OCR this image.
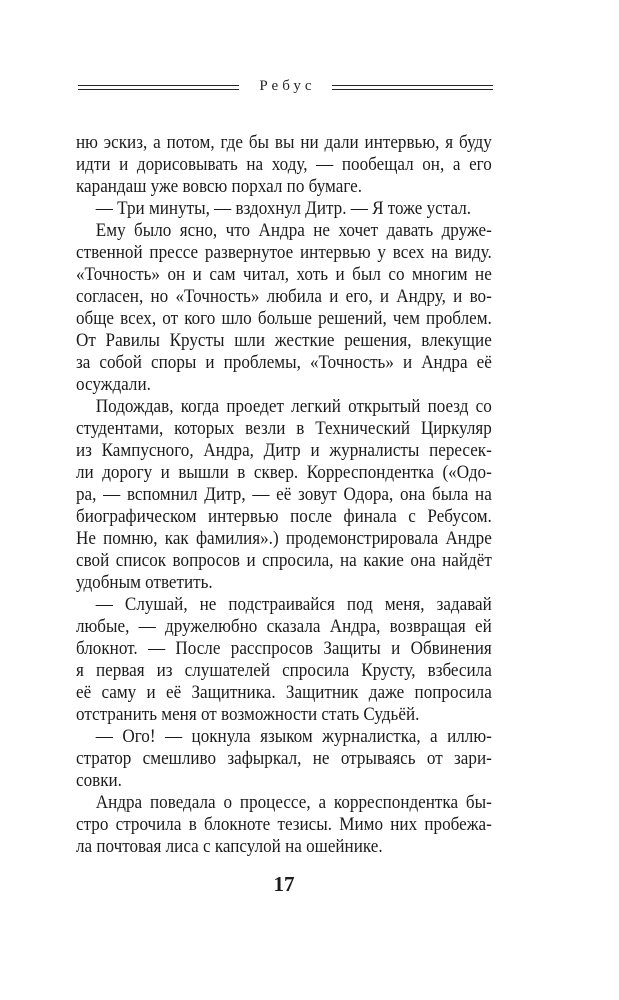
Ребус
ню эскиз, а потом, где бы вы ни дали интервью, я буду
идти и дорисовывать на ходу, — пообещал он, а его
карандаш уже вовсю порхал по бумаге.
— Три минуты, — вздохнул Дитр. — Я тоже устал.
Ему было ясно, что Андра не хочет давать друже-
ственной прессе развернутое интервью у всех на виду.
«Точность» он и сам читал, хоть и был со многим не
согласен, но «Точность» любила и его, и Андру, и во-
обще всех, от кого шло больше решений, чем проблем.
От Равилы Крусты шли жесткие решения, влекущие
за собой споры и проблемы, «Точность» и Андра её
осуждали.
Подождав, когда проедет легкий открытый поезд со
студентами, которых везли в Технический Циркуляр
из Кампусного, Андра, Дитр и журналисты пересек-
ли дорогу и вышли в сквер. Корреспондентка («Одо-
ра, — вспомнил Дитр, — её зовут Одора, она была на
биографическом интервью после финала с Ребусом.
Не помню, как фамилия».) продемонстрировала Андре
свой список вопросов и спросила, на какие она найдёт
удобным ответить.
— Слушай, не подстраивайся под меня, задавай
любые, — дружелюбно сказала Андра, возвращая ей
блокнот. — После расспросов Защиты и Обвинения
я первая из слушателей спросила Крусту, взбесила
её саму и её Защитника. Защитник даже попросила
отстранить меня от возможности стать Судьёй.
— Ого! — цокнула языком журналистка, а иллю-
стратор смешливо зафыркал, не отрываясь от зари-
совки.
Андра поведала о процессе, а корреспондентка бы-
стро строчила в блокноте тезисы. Мимо них пробежа-
ла почтовая лиса с капсулой на ошейнике.
17
